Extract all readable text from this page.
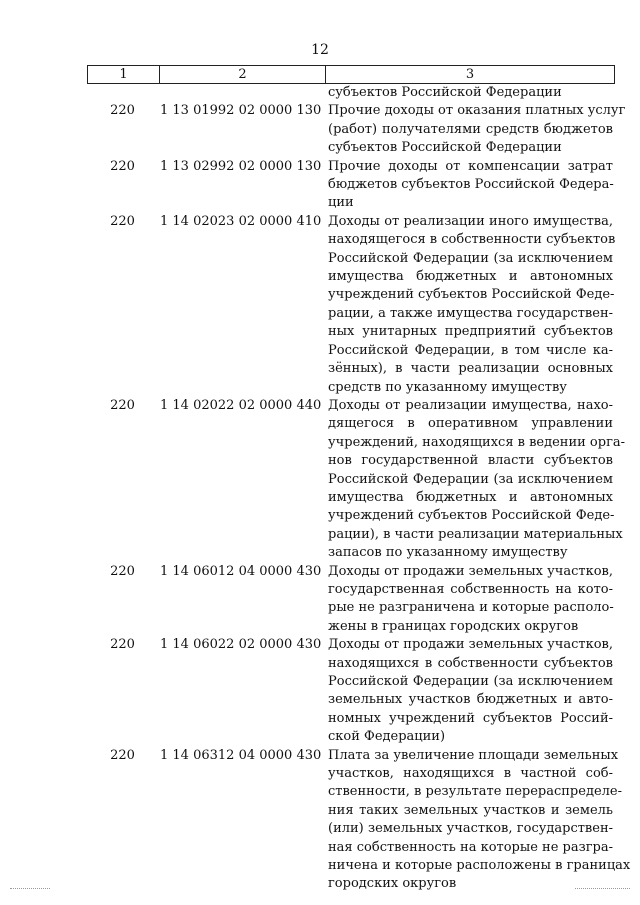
12
1	2	3
субъектов Российской Федерации
220	1 13 01992 02 0000 130 Прочие доходы от оказания платных услуг
(работ) получателями средств бюджетов
субъектов Российской Федерации
220	1 13 02992 02 0000 130 Прочие доходы от компенсации затрат
бюджетов субъектов Российской Федера-
ции
220	1 14 02023 02 0000 410 Доходы от реализации иного имущества,
находящегося в собственности субъектов
Российской Федерации (за исключением
имущества бюджетных и автономных
учреждений субъектов Российской Феде-
рации, а также имущества государствен-
ных унитарных предприятий субъектов
Российской Федерации, в том числе ка-
зённых), в части реализации основных
средств по указанному имуществу
220	1 14 02022 02 0000 440 Доходы от реализации имущества, нахо-
дящегося в оперативном управлении
учреждений, находящихся в ведении орга-
нов государственной власти субъектов
Российской Федерации (за исключением
имущества бюджетных и автономных
учреждений субъектов Российской Феде-
рации), в части реализации материальных
запасов по указанному имуществу
220	1 14 06012 04 0000 430 Доходы от продажи земельных участков,
государственная собственность на кото-
рые не разграничена и которые располо-
жены в границах городских округов
220	1 14 06022 02 0000 430 Доходы от продажи земельных участков,
находящихся в собственности субъектов
Российской Федерации (за исключением
земельных участков бюджетных и авто-
номных учреждений субъектов Россий-
ской Федерации)
220	1 14 06312 04 0000 430 Плата за увеличение площади земельных
участков, находящихся в частной соб-
ственности, в результате перераспределе-
ния таких земельных участков и земель
(или) земельных участков, государствен-
ная собственность на которые не разгра-
ничена и которые расположены в границах
городских округов
